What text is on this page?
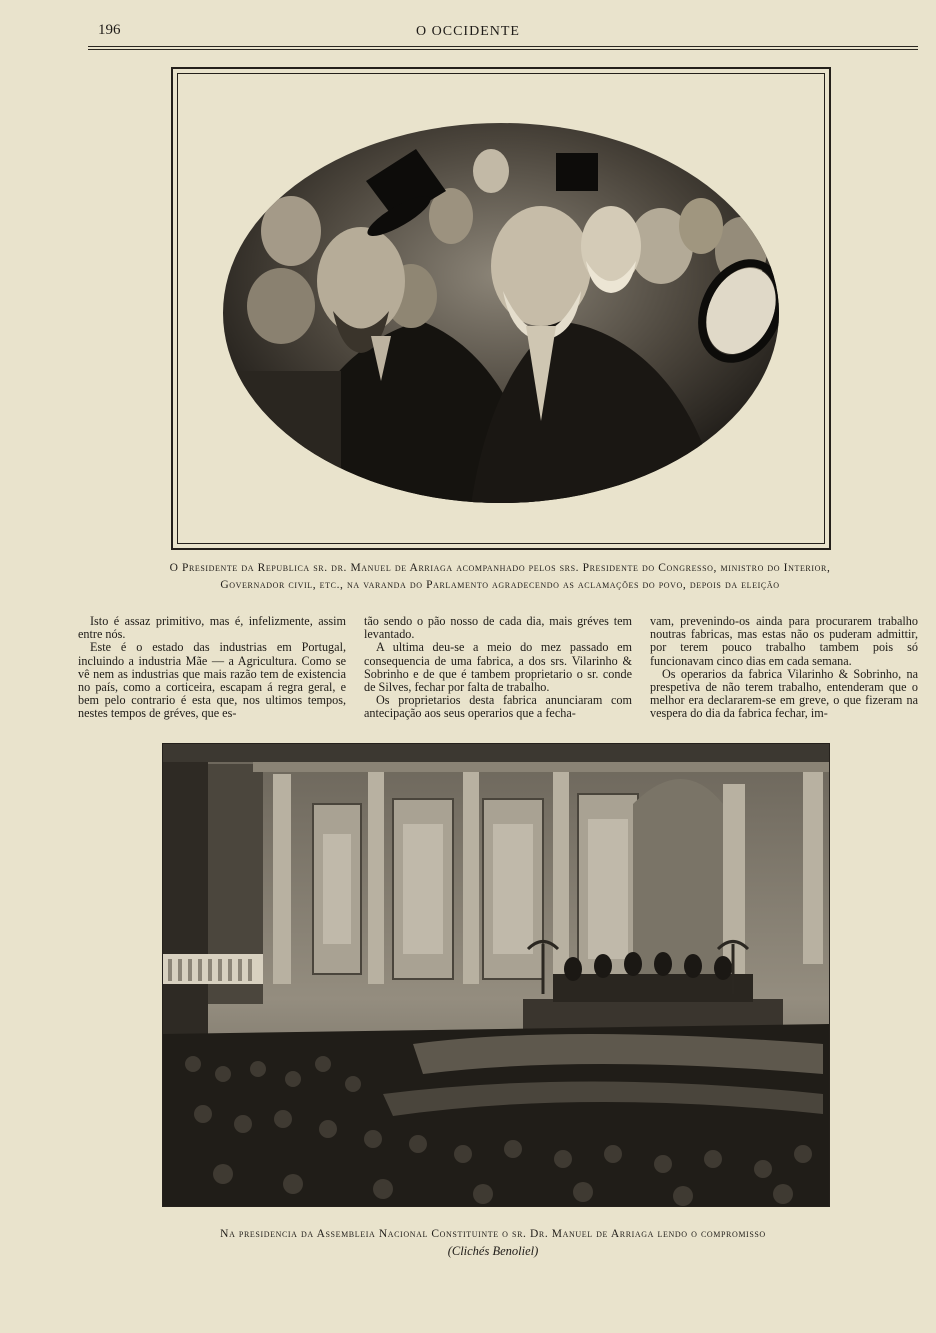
196	O OCCIDENTE
O Presidente da Republica sr. dr. Manuel de Arriaga acompanhado pelos srs. Presidente do Congresso, ministro do Interior,
Governador civil, etc., na varanda do Parlamento agradecendo as aclamações do povo, depois da eleição

Isto é assaz primitivo, mas é, infelizmente, assim entre nós.

Este é o estado das industrias em Portugal, incluindo a industria Mãe — a Agricultura. Como se vê nem as industrias que mais razão tem de existencia no país, como a corticeira, escapam á regra geral, e bem pelo contrario é esta que, nos ultimos tempos, nestes tempos de gréves, que es-

tão sendo o pão nosso de cada dia, mais gréves tem levantado.

A ultima deu-se a meio do mez passado em consequencia de uma fabrica, a dos srs. Vilarinho & Sobrinho e de que é tambem proprietario o sr. conde de Silves, fechar por falta de trabalho.

Os proprietarios desta fabrica anunciaram com antecipação aos seus operarios que a fecha-

vam, prevenindo-os ainda para procurarem trabalho noutras fabricas, mas estas não os puderam admittir, por terem pouco trabalho tambem pois só funcionavam cinco dias em cada semana.

Os operarios da fabrica Vilarinho & Sobrinho, na prespetiva de não terem trabalho, entenderam que o melhor era declararem-se em greve, o que fizeram na vespera do dia da fabrica fechar, im-

Na presidencia da Assembleia Nacional Constituinte o sr. Dr. Manuel de Arriaga lendo o compromisso
(Clichés Benoliel)
